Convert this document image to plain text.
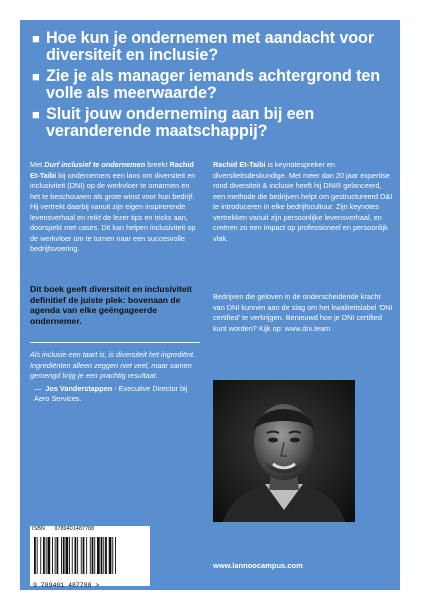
■ Hoe kun je ondernemen met aandacht voor diversiteit en inclusie?
■ Zie je als manager iemands achtergrond ten volle als meerwaarde?
■ Sluit jouw onderneming aan bij een veranderende maatschappij?

Met Durf inclusief te ondernemen breekt Rachid Et-Taibi bij ondernemers een lans om diversiteit en inclusiviteit (DNI) op de werkvloer te omarmen en het te beschouwen als grote winst voor hun bedrijf. Hij vertrekt daarbij vanuit zijn eigen inspirerende levensverhaal en reikt de lezer tips en tricks aan, doorspekt met cases. Dit kan helpen inclusiviteit op de werkvloer om te turnen naar een succesvolle bedrijfsvoering.

Dit boek geeft diversiteit en inclusiviteit definitief de juiste plek: bovenaan de agenda van elke geëngageerde ondernemer.
Als inclusie een taart is, is diversiteit het ingrediënt. Ingrediënten alleen zeggen niet veel, maar samen gemengd krijg je een prachtig resultaat.
— Jos Vanderstappen - Executive Director bij Aero Services.

Rachid Et-Taibi is keynotespreker en diversiteitsdeskundige. Met meer dan 20 jaar expertise rond diversiteit & inclusie heeft hij DNI® gelanceerd, een methode die bedrijven helpt om gestructureerd D&I te introduceren in elke bedrijfscultuur. Zijn keynotes vertrekken vanuit zijn persoonlijke levensverhaal, en creëren zo een impact op professioneel en persoonlijk vlak.

Bedrijven die geloven in de onderscheidende kracht van DNI kunnen aan de slag om het kwaliteitslabel 'DNI certified' te verkrijgen. Benieuwd hoe je DNI certified kunt worden? Kijk op: www.dni.team

ISBN 9789401487788
9 789401 487788 >
www.lannoocampus.com
